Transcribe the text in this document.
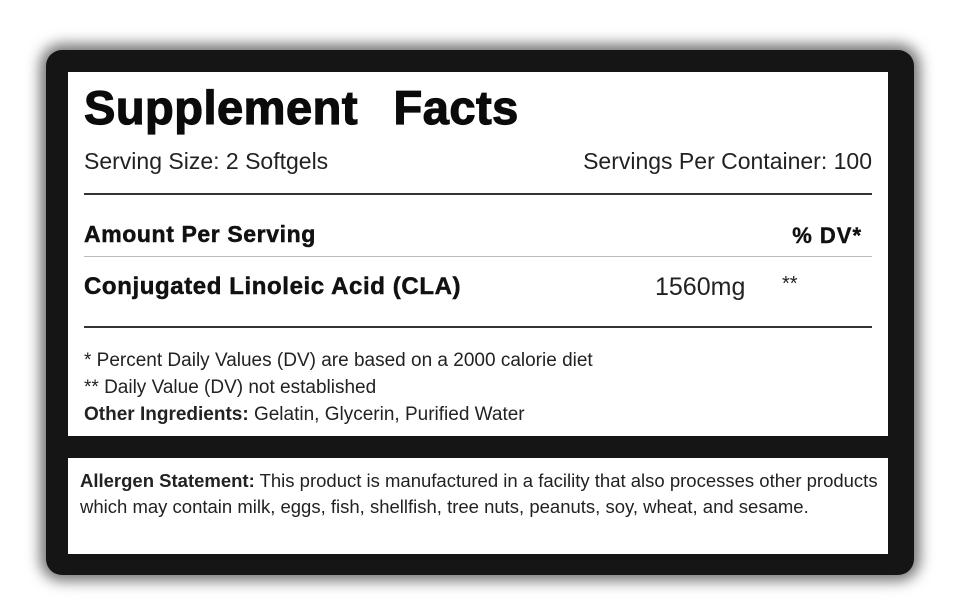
Supplement Facts
Serving Size: 2 Softgels	Servings Per Container: 100
Amount Per Serving	% DV*
Conjugated Linoleic Acid (CLA)	1560mg **
* Percent Daily Values (DV) are based on a 2000 calorie diet
** Daily Value (DV) not established
Other Ingredients: Gelatin, Glycerin, Purified Water
Allergen Statement: This product is manufactured in a facility that also processes other products which may contain milk, eggs, fish, shellfish, tree nuts, peanuts, soy, wheat, and sesame.
